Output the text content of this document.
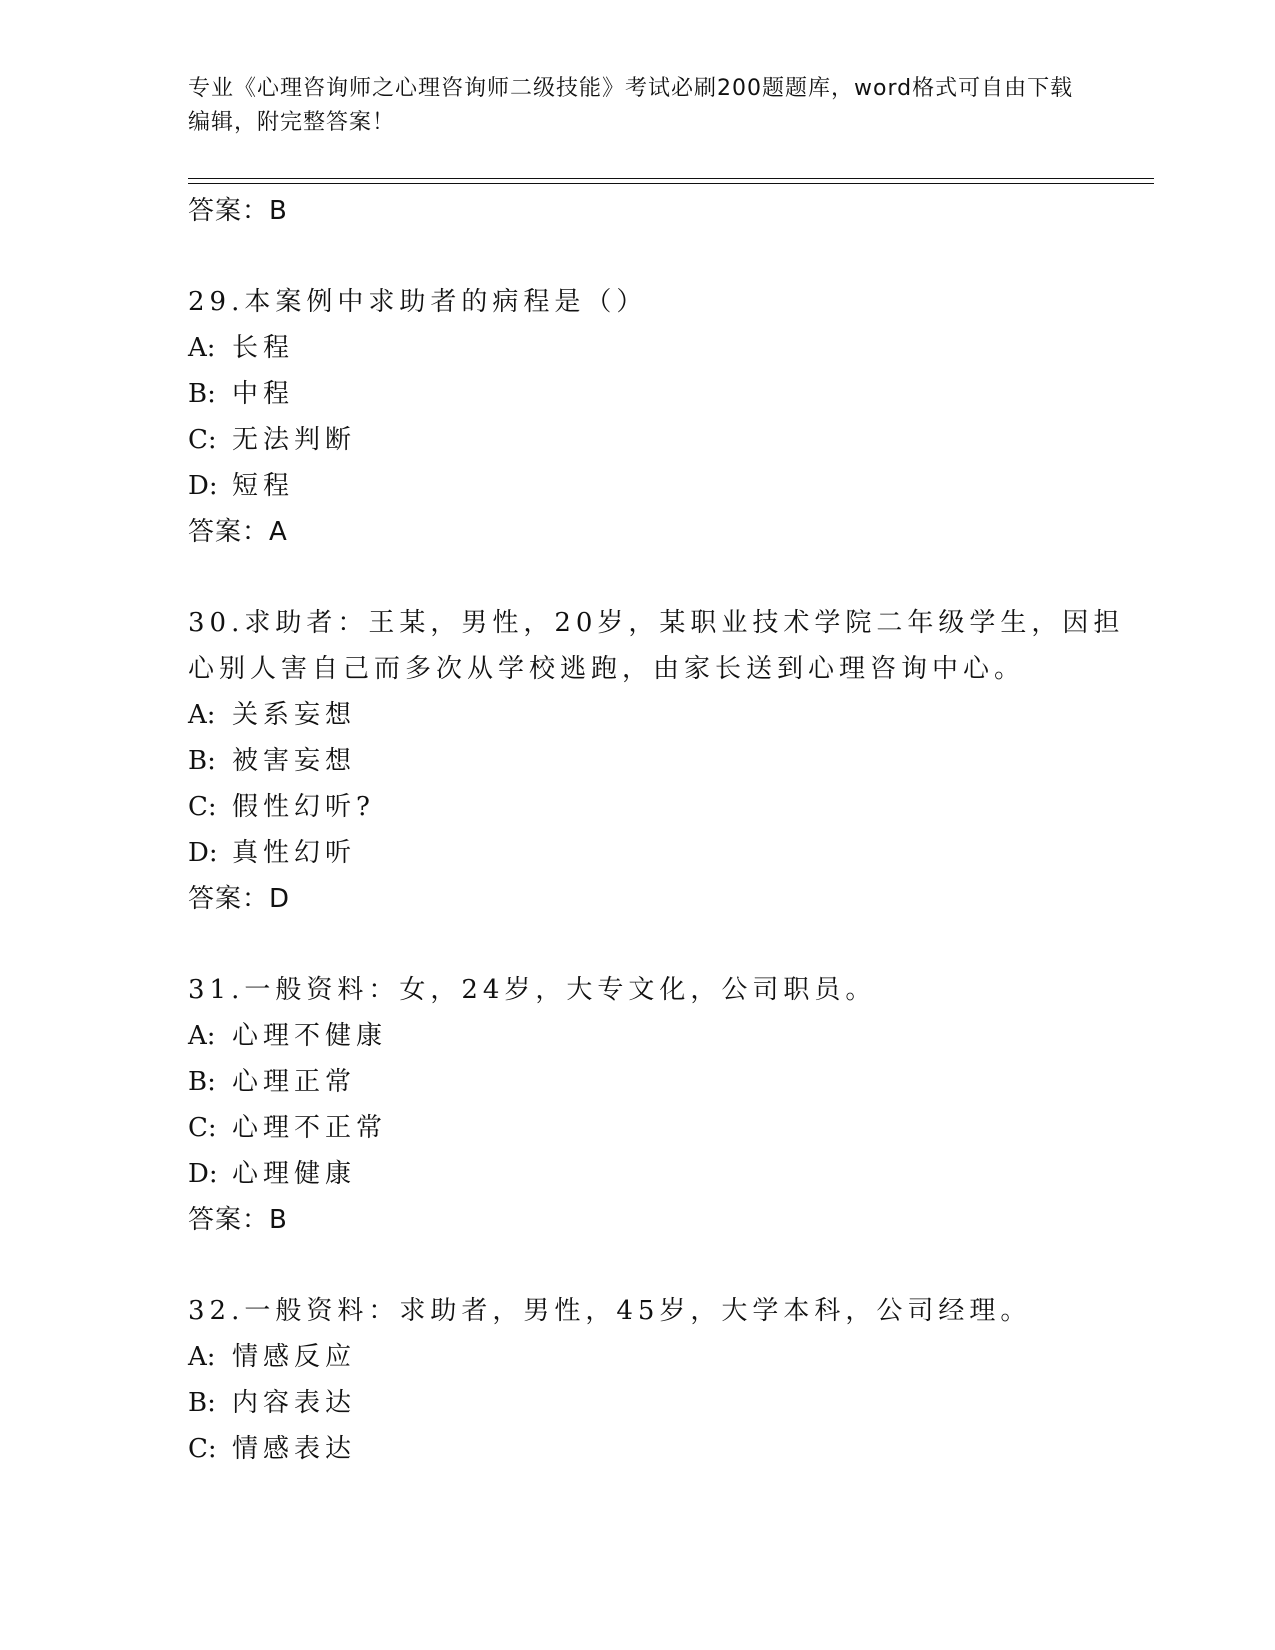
专业《心理咨询师之心理咨询师二级技能》考试必刷200题题库，word格式可自由下载编辑，附完整答案！
答案：B
29.本案例中求助者的病程是（）
A: 长程
B: 中程
C: 无法判断
D: 短程
答案：A
30.求助者：王某，男性，20岁，某职业技术学院二年级学生，因担心别人害自己而多次从学校逃跑，由家长送到心理咨询中心。
A: 关系妄想
B: 被害妄想
C: 假性幻听?
D: 真性幻听
答案：D
31.一般资料：女，24岁，大专文化，公司职员。
A: 心理不健康
B: 心理正常
C: 心理不正常
D: 心理健康
答案：B
32.一般资料：求助者，男性，45岁，大学本科，公司经理。
A: 情感反应
B: 内容表达
C: 情感表达
